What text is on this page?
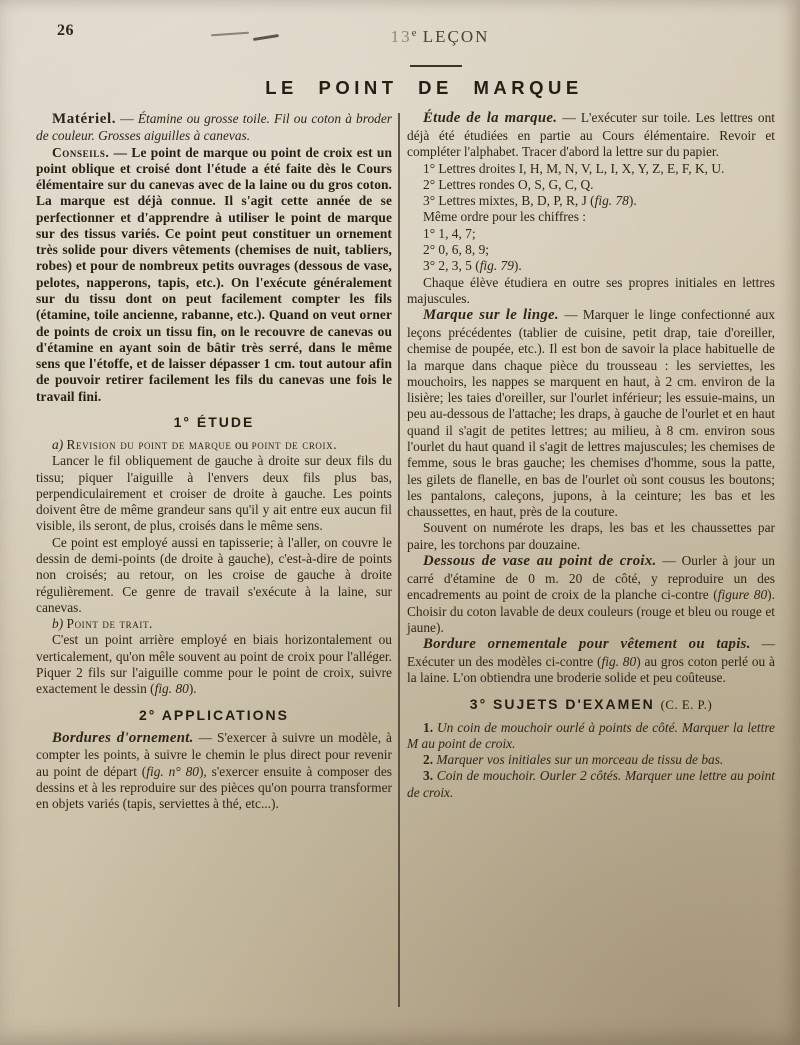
26	13e LEÇON
LE POINT DE MARQUE

Matériel. — Étamine ou grosse toile. Fil ou coton à broder de couleur. Grosses aiguilles à canevas.

Conseils. — Le point de marque ou point de croix est un point oblique et croisé dont l'étude a été faite dès le Cours élémentaire sur du canevas avec de la laine ou du gros coton. La marque est déjà connue. Il s'agit cette année de se perfectionner et d'apprendre à utiliser le point de marque sur des tissus variés. Ce point peut constituer un ornement très solide pour divers vêtements (chemises de nuit, tabliers, robes) et pour de nombreux petits ouvrages (dessous de vase, pelotes, napperons, tapis, etc.). On l'exécute généralement sur du tissu dont on peut facilement compter les fils (étamine, toile ancienne, rabanne, etc.). Quand on veut orner de points de croix un tissu fin, on le recouvre de canevas ou d'étamine en ayant soin de bâtir très serré, dans le même sens que l'étoffe, et de laisser dépasser 1 cm. tout autour afin de pouvoir retirer facilement les fils du canevas une fois le travail fini.

1° ÉTUDE

a) Revision du point de marque ou point de croix.

Lancer le fil obliquement de gauche à droite sur deux fils du tissu; piquer l'aiguille à l'envers deux fils plus bas, perpendiculairement et croiser de droite à gauche. Les points doivent être de même grandeur sans qu'il y ait entre eux aucun fil visible, ils seront, de plus, croisés dans le même sens.

Ce point est employé aussi en tapisserie; à l'aller, on couvre le dessin de demi-points (de droite à gauche), c'est-à-dire de points non croisés; au retour, on les croise de gauche à droite régulièrement. Ce genre de travail s'exécute à la laine, sur canevas.

b) Point de trait.

C'est un point arrière employé en biais horizontalement ou verticalement, qu'on mêle souvent au point de croix pour l'alléger. Piquer 2 fils sur l'aiguille comme pour le point de croix, suivre exactement le dessin (fig. 80).

2° APPLICATIONS

Bordures d'ornement. — S'exercer à suivre un modèle, à compter les points, à suivre le chemin le plus direct pour revenir au point de départ (fig. n° 80), s'exercer ensuite à composer des dessins et à les reproduire sur des pièces qu'on pourra transformer en objets variés (tapis, serviettes à thé, etc...).

Étude de la marque. — L'exécuter sur toile. Les lettres ont déjà été étudiées en partie au Cours élémentaire. Revoir et compléter l'alphabet. Tracer d'abord la lettre sur du papier.

1° Lettres droites I, H, M, N, V, L, I, X, Y, Z, E, F, K, U.

2° Lettres rondes O, S, G, C, Q.

3° Lettres mixtes, B, D, P, R, J (fig. 78).

Même ordre pour les chiffres :

1° 1, 4, 7;

2° 0, 6, 8, 9;

3° 2, 3, 5 (fig. 79).

Chaque élève étudiera en outre ses propres initiales en lettres majuscules.

Marque sur le linge. — Marquer le linge confectionné aux leçons précédentes (tablier de cuisine, petit drap, taie d'oreiller, chemise de poupée, etc.). Il est bon de savoir la place habituelle de la marque dans chaque pièce du trousseau : les serviettes, les mouchoirs, les nappes se marquent en haut, à 2 cm. environ de la lisière; les taies d'oreiller, sur l'ourlet inférieur; les essuie-mains, un peu au-dessous de l'attache; les draps, à gauche de l'ourlet et en haut quand il s'agit de petites lettres; au milieu, à 8 cm. environ sous l'ourlet du haut quand il s'agit de lettres majuscules; les chemises de femme, sous le bras gauche; les chemises d'homme, sous la patte, les gilets de flanelle, en bas de l'ourlet où sont cousus les boutons; les pantalons, caleçons, jupons, à la ceinture; les bas et les chaussettes, en haut, près de la couture.

Souvent on numérote les draps, les bas et les chaussettes par paire, les torchons par douzaine.

Dessous de vase au point de croix. — Ourler à jour un carré d'étamine de 0 m. 20 de côté, y reproduire un des encadrements au point de croix de la planche ci-contre (figure 80). Choisir du coton lavable de deux couleurs (rouge et bleu ou rouge et jaune).

Bordure ornementale pour vêtement ou tapis. — Exécuter un des modèles ci-contre (fig. 80) au gros coton perlé ou à la laine. L'on obtiendra une broderie solide et peu coûteuse.

3° SUJETS D'EXAMEN (C. E. P.)

1. Un coin de mouchoir ourlé à points de côté. Marquer la lettre M au point de croix.

2. Marquer vos initiales sur un morceau de tissu de bas.

3. Coin de mouchoir. Ourler 2 côtés. Marquer une lettre au point de croix.
